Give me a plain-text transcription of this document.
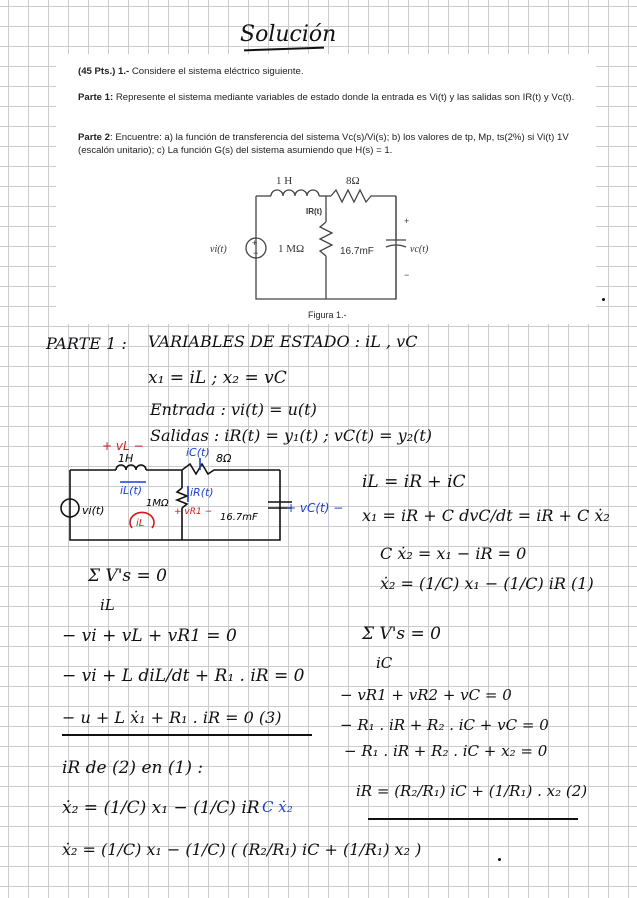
Solución

(45 Pts.) 1.- Considere el sistema eléctrico siguiente.

Parte 1: Represente el sistema mediante variables de estado donde la entrada es Vi(t) y las salidas son IR(t) y Vc(t).

Parte 2: Encuentre: a) la función de transferencia del sistema Vc(s)/Vi(s); b) los valores de tp, Mp, ts(2%) si Vi(t) 1V (escalón unitario); c) La función G(s) del sistema asumiendo que H(s) = 1.

1 H	8Ω
IR(t)
1 MΩ	16.7mF
vi(t)	vc(t)
+
−
+
−
Figura 1.-
PARTE 1 : VARIABLES DE ESTADO : iL , vC
x₁ = iL ; x₂ = vC
Entrada : vi(t) = u(t)
Salidas : iR(t) = y₁(t) ; vC(t) = y₂(t)
+ vL −
1H	iC(t) 8Ω
iL(t)
1MΩ
iR(t)
+ vR1 − 16.7mF
+ vC(t) −
vi(t)
iL
iL = iR + iC
x₁ = iR + C dvC/dt = iR + C ẋ₂
C ẋ₂ = x₁ − iR = 0
ẋ₂ = (1/C) x₁ − (1/C) iR (1)
Σ V's = 0
iL
− vi + vL + vR1 = 0
− vi + L diL/dt + R₁ . iR = 0
− u + L ẋ₁ + R₁ . iR = 0 (3)
Σ V's = 0
iC
− vR1 + vR2 + vC = 0
− R₁ . iR + R₂ . iC + vC = 0
− R₁ . iR + R₂ . iC + x₂ = 0
iR = (R₂/R₁) iC + (1/R₁) . x₂ (2)
iR de (2) en (1) :
ẋ₂ = (1/C) x₁ − (1/C) iR C ẋ₂
ẋ₂ = (1/C) x₁ − (1/C) ( (R₂/R₁) iC + (1/R₁) x₂ )
